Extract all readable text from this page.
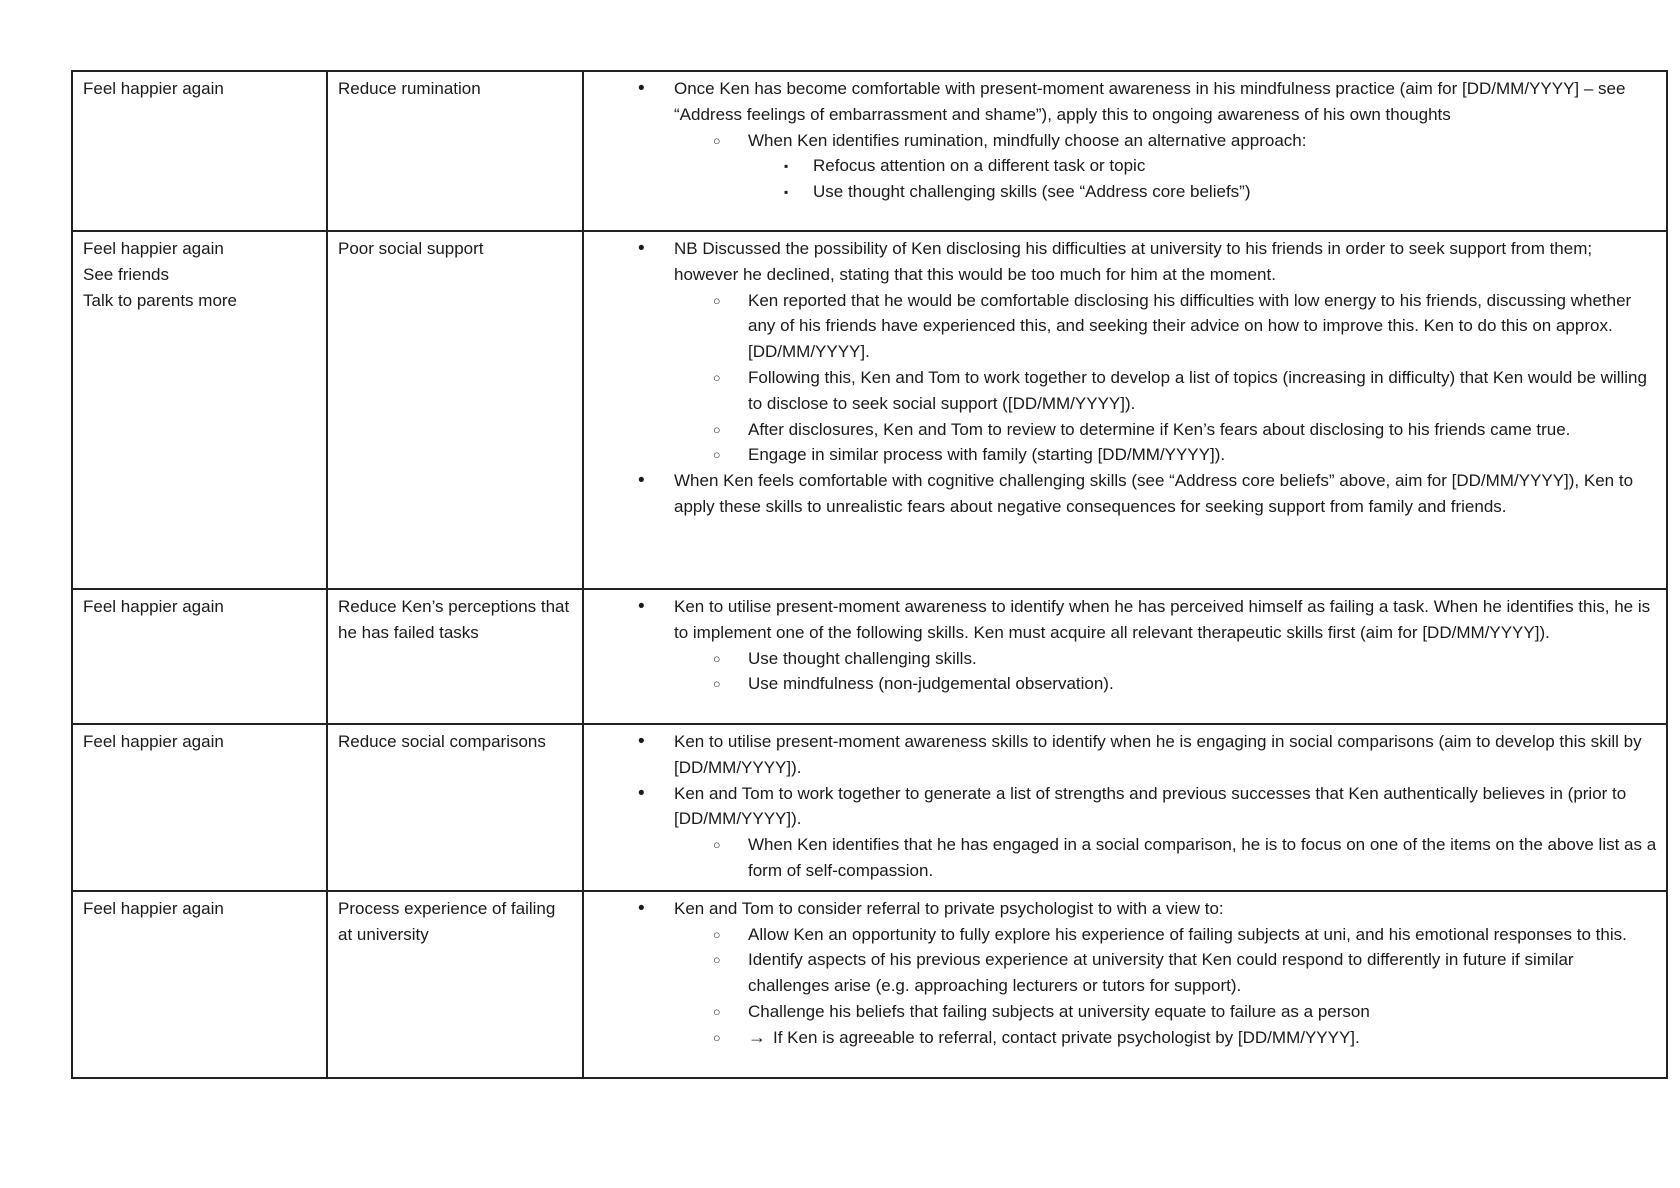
Feel happier again	Reduce rumination

•Once Ken has become comfortable with present-moment awareness in his mindfulness practice (aim for [DD/MM/YYYY] – see “Address feelings of embarrassment and shame”), apply this to ongoing awareness of his own thoughts
○
When Ken identifies rumination, mindfully choose an alternative approach:
▪
Refocus attention on a different task or topic
▪
Use thought challenging skills (see “Address core beliefs”)

Feel happier again
See friends
Talk to parents more

Poor social support

•NB Discussed the possibility of Ken disclosing his difficulties at university to his friends in order to seek support from them; however he declined, stating that this would be too much for him at the moment.
○
Ken reported that he would be comfortable disclosing his difficulties with low energy to his friends, discussing whether any of his friends have experienced this, and seeking their advice on how to improve this. Ken to do this on approx. [DD/MM/YYYY].
○
Following this, Ken and Tom to work together to develop a list of topics (increasing in difficulty) that Ken would be willing to disclose to seek social support ([DD/MM/YYYY]).
○
After disclosures, Ken and Tom to review to determine if Ken’s fears about disclosing to his friends came true.
○
Engage in similar process with family (starting [DD/MM/YYYY]).
•
When Ken feels comfortable with cognitive challenging skills (see “Address core beliefs” above, aim for [DD/MM/YYYY]), Ken to apply these skills to unrealistic fears about negative consequences for seeking support from family and friends.

Feel happier again	Reduce Ken’s perceptions that he has failed tasks

•
Ken to utilise present-moment awareness to identify when he has perceived himself as failing a task. When he identifies this, he is to implement one of the following skills. Ken must acquire all relevant therapeutic skills first (aim for [DD/MM/YYYY]).
○
Use thought challenging skills.
○
Use mindfulness (non-judgemental observation).

Feel happier again	Reduce social comparisons

•Ken to utilise present-moment awareness skills to identify when he is engaging in social comparisons (aim to develop this skill by [DD/MM/YYYY]).
•
Ken and Tom to work together to generate a list of strengths and previous successes that Ken authentically believes in (prior to [DD/MM/YYYY]).
○
When Ken identifies that he has engaged in a social comparison, he is to focus on one of the items on the above list as a form of self-compassion.

Feel happier again	Process experience of failing at university

•
Ken and Tom to consider referral to private psychologist to with a view to:
○
Allow Ken an opportunity to fully explore his experience of failing subjects at uni, and his emotional responses to this.
○
Identify aspects of his previous experience at university that Ken could respond to differently in future if similar challenges arise (e.g. approaching lecturers or tutors for support).
○
Challenge his beliefs that failing subjects at university equate to failure as a person
○
→ If Ken is agreeable to referral, contact private psychologist by [DD/MM/YYYY].
